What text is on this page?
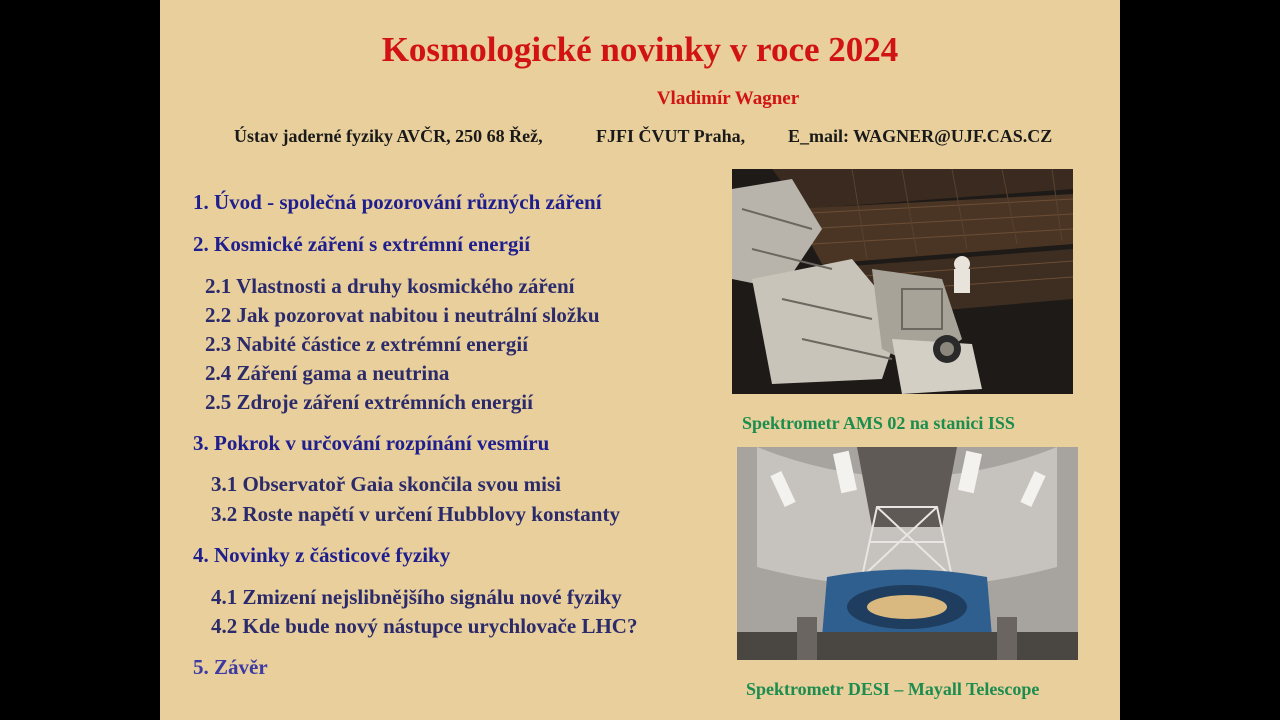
Kosmologické novinky v roce 2024
Vladimír Wagner
Ústav jaderné fyziky AVČR, 250 68 Řež,	FJFI ČVUT Praha, E_mail: WAGNER@UJF.CAS.CZ
1. Úvod - společná pozorování různých záření
2. Kosmické záření s extrémní energií
2.1 Vlastnosti a druhy kosmického záření
2.2 Jak pozorovat nabitou i neutrální složku
2.3 Nabité částice z extrémní energií
2.4 Záření gama a neutrina
2.5 Zdroje záření extrémních energií
3. Pokrok v určování rozpínání vesmíru
3.1 Observatoř Gaia skončila svou misi
3.2 Roste napětí v určení Hubblovy konstanty
4. Novinky z částicové fyziky
4.1 Zmizení nejslibnějšího signálu nové fyziky
4.2 Kde bude nový nástupce urychlovače LHC?
5. Závěr
Spektrometr AMS 02 na stanici ISS
Spektrometr DESI – Mayall Telescope
